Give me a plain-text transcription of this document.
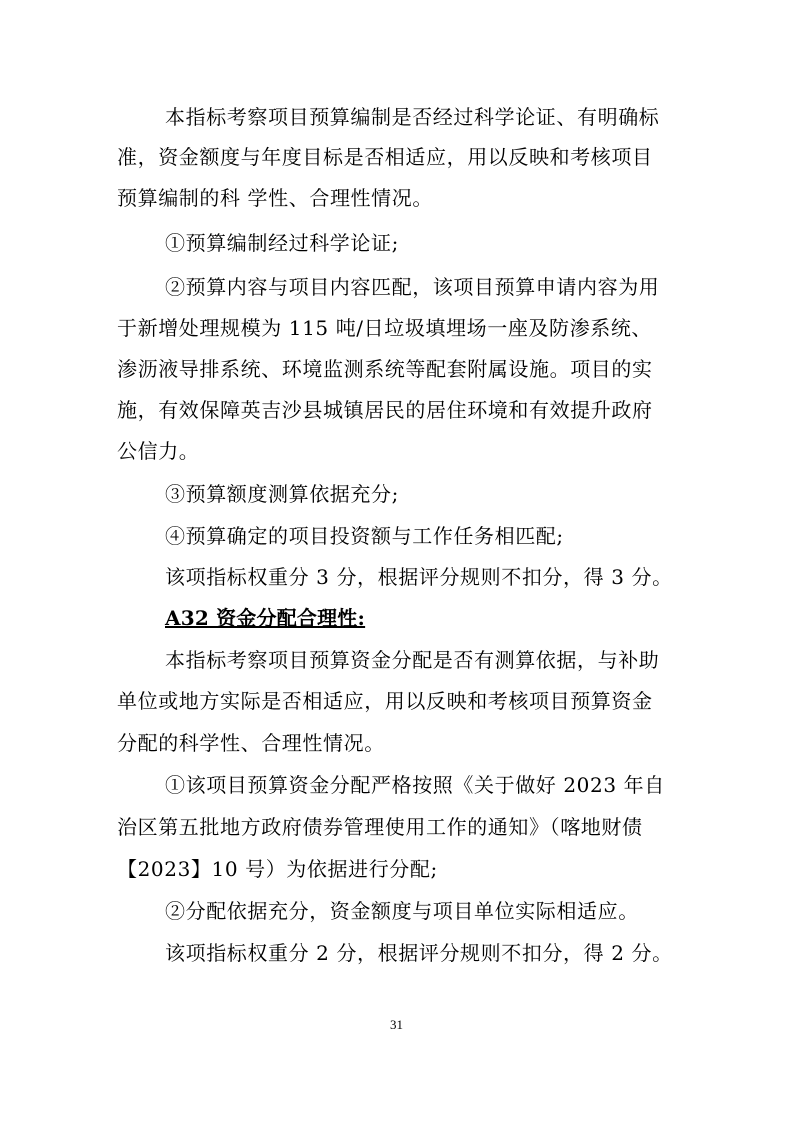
本指标考察项目预算编制是否经过科学论证、有明确标
准，资金额度与年度目标是否相适应，用以反映和考核项目
预算编制的科 学性、合理性情况。
①预算编制经过科学论证;
②预算内容与项目内容匹配，该项目预算申请内容为用
于新增处理规模为 115 吨/日垃圾填埋场一座及防渗系统、
渗沥液导排系统、环境监测系统等配套附属设施。项目的实
施，有效保障英吉沙县城镇居民的居住环境和有效提升政府
公信力。
③预算额度测算依据充分;
④预算确定的项目投资额与工作任务相匹配;
该项指标权重分 3 分，根据评分规则不扣分，得 3 分。
A32 资金分配合理性:
本指标考察项目预算资金分配是否有测算依据，与补助
单位或地方实际是否相适应，用以反映和考核项目预算资金
分配的科学性、合理性情况。
①该项目预算资金分配严格按照《关于做好 2023 年自
治区第五批地方政府债券管理使用工作的通知》（喀地财债
【2023】10 号）为依据进行分配;
②分配依据充分，资金额度与项目单位实际相适应。
该项指标权重分 2 分，根据评分规则不扣分，得 2 分。
31
